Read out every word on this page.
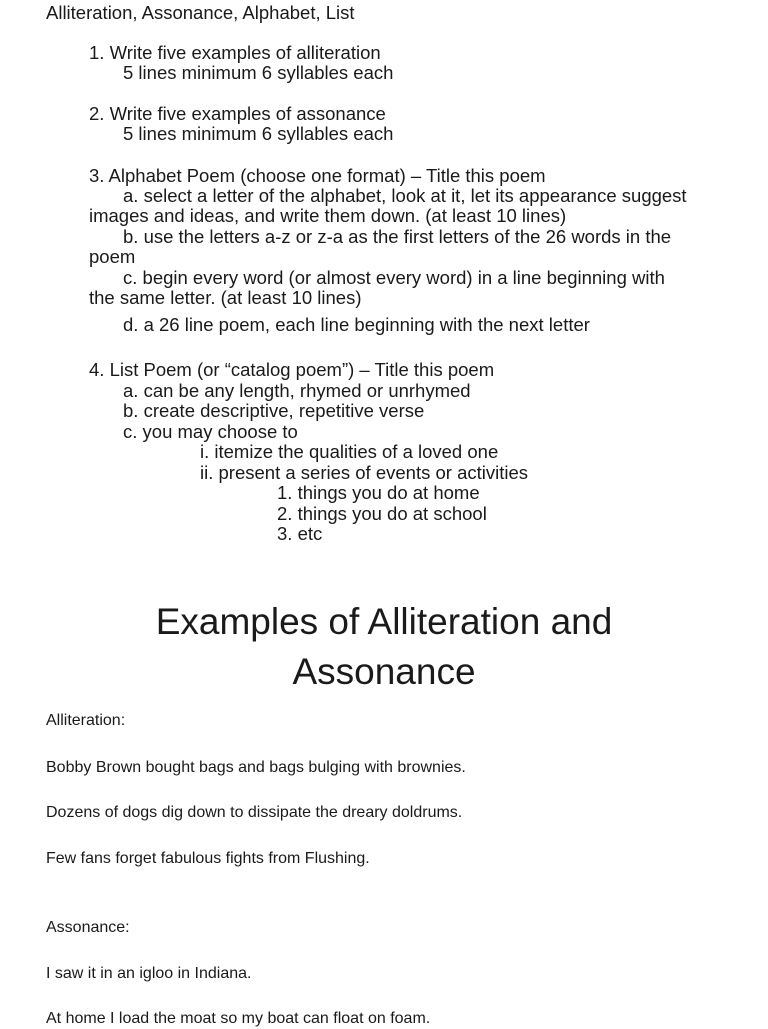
Alliteration, Assonance, Alphabet, List
1. Write five examples of alliteration
5 lines minimum 6 syllables each
2. Write five examples of assonance
5 lines minimum 6 syllables each
3. Alphabet Poem (choose one format) – Title this poem
a. select a letter of the alphabet, look at it, let its appearance suggest
images and ideas, and write them down. (at least 10 lines)
b. use the letters a-z or z-a as the first letters of the 26 words in the
poem
c. begin every word (or almost every word) in a line beginning with
the same letter. (at least 10 lines)
d. a 26 line poem, each line beginning with the next letter
4. List Poem (or “catalog poem”) – Title this poem
a. can be any length, rhymed or unrhymed
b. create descriptive, repetitive verse
c. you may choose to
i. itemize the qualities of a loved one
ii. present a series of events or activities
1. things you do at home
2. things you do at school
3. etc
Examples of Alliteration and
Assonance
Alliteration:
Bobby Brown bought bags and bags bulging with brownies.
Dozens of dogs dig down to dissipate the dreary doldrums.
Few fans forget fabulous fights from Flushing.
Assonance:
I saw it in an igloo in Indiana.
At home I load the moat so my boat can float on foam.
